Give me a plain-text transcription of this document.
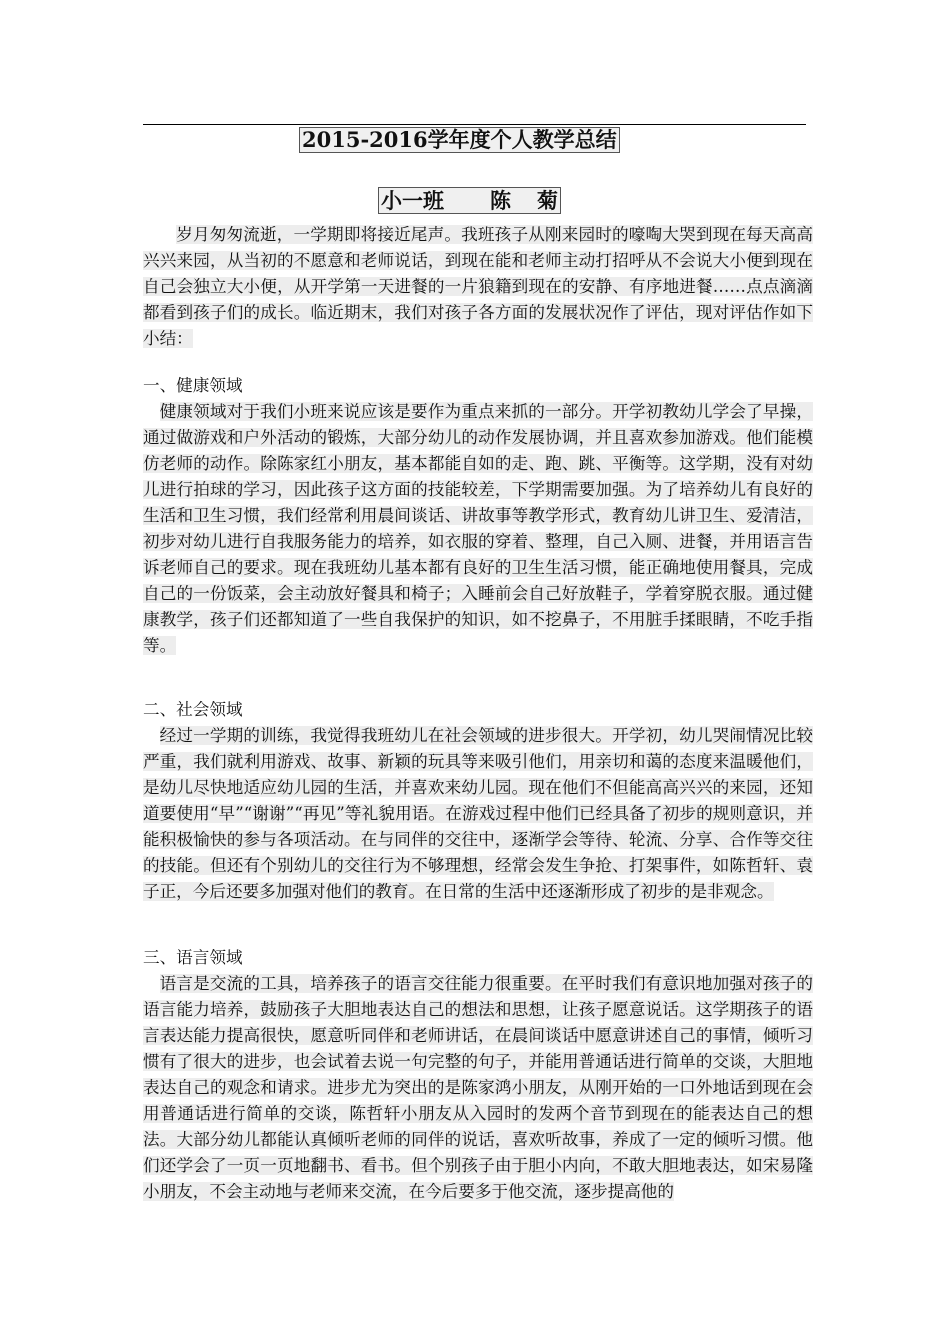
2015-2016学年度个人教学总结
小一班 陈 菊

岁月匆匆流逝，一学期即将接近尾声。我班孩子从刚来园时的嚎啕大哭到现在每天高高兴兴来园，从当初的不愿意和老师说话，到现在能和老师主动打招呼从不会说大小便到现在自己会独立大小便，从开学第一天进餐的一片狼籍到现在的安静、有序地进餐……点点滴滴都看到孩子们的成长。临近期末，我们对孩子各方面的发展状况作了评估，现对评估作如下小结：

一、健康领域

健康领域对于我们小班来说应该是要作为重点来抓的一部分。开学初教幼儿学会了早操，通过做游戏和户外活动的锻炼，大部分幼儿的动作发展协调，并且喜欢参加游戏。他们能模仿老师的动作。除陈家红小朋友，基本都能自如的走、跑、跳、平衡等。这学期，没有对幼儿进行拍球的学习，因此孩子这方面的技能较差，下学期需要加强。为了培养幼儿有良好的生活和卫生习惯，我们经常利用晨间谈话、讲故事等教学形式，教育幼儿讲卫生、爱清洁，初步对幼儿进行自我服务能力的培养，如衣服的穿着、整理，自己入厕、进餐，并用语言告诉老师自己的要求。现在我班幼儿基本都有良好的卫生生活习惯，能正确地使用餐具，完成自己的一份饭菜，会主动放好餐具和椅子；入睡前会自己好放鞋子，学着穿脱衣服。通过健康教学，孩子们还都知道了一些自我保护的知识，如不挖鼻子，不用脏手揉眼睛，不吃手指等。

二、社会领域

经过一学期的训练，我觉得我班幼儿在社会领域的进步很大。开学初，幼儿哭闹情况比较严重，我们就利用游戏、故事、新颖的玩具等来吸引他们，用亲切和蔼的态度来温暖他们，是幼儿尽快地适应幼儿园的生活，并喜欢来幼儿园。现在他们不但能高高兴兴的来园，还知道要使用“早”“谢谢”“再见”等礼貌用语。在游戏过程中他们已经具备了初步的规则意识，并能积极愉快的参与各项活动。在与同伴的交往中，逐渐学会等待、轮流、分享、合作等交往的技能。但还有个别幼儿的交往行为不够理想，经常会发生争抢、打架事件，如陈哲轩、袁子正，今后还要多加强对他们的教育。在日常的生活中还逐渐形成了初步的是非观念。

三、语言领域

语言是交流的工具，培养孩子的语言交往能力很重要。在平时我们有意识地加强对孩子的语言能力培养，鼓励孩子大胆地表达自己的想法和思想，让孩子愿意说话。这学期孩子的语言表达能力提高很快，愿意听同伴和老师讲话，在晨间谈话中愿意讲述自己的事情，倾听习惯有了很大的进步，也会试着去说一句完整的句子，并能用普通话进行简单的交谈，大胆地表达自己的观念和请求。进步尤为突出的是陈家鸿小朋友，从刚开始的一口外地话到现在会用普通话进行简单的交谈，陈哲轩小朋友从入园时的发两个音节到现在的能表达自己的想法。大部分幼儿都能认真倾听老师的同伴的说话，喜欢听故事，养成了一定的倾听习惯。他们还学会了一页一页地翻书、看书。但个别孩子由于胆小内向，不敢大胆地表达，如宋易隆小朋友，不会主动地与老师来交流，在今后要多于他交流，逐步提高他的
